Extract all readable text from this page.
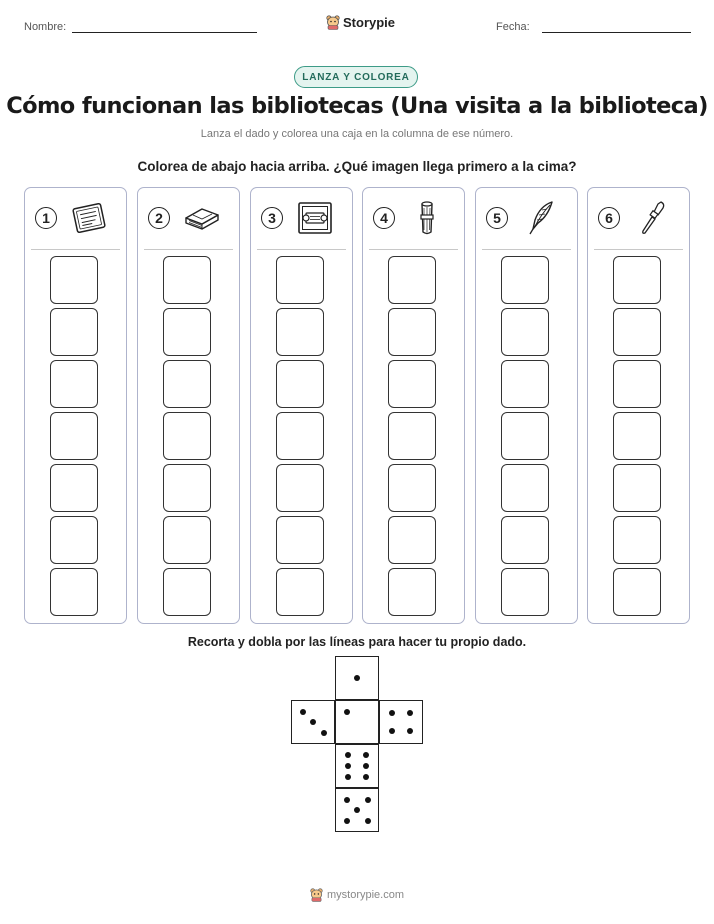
Nombre:	Storypie	Fecha:
LANZA Y COLOREA
Cómo funcionan las bibliotecas (Una visita a la biblioteca)
Lanza el dado y colorea una caja en la columna de ese número.
Colorea de abajo hacia arriba. ¿Qué imagen llega primero a la cima?
1	2	3	4	5	6
Recorta y dobla por las líneas para hacer tu propio dado.
mystorypie.com
